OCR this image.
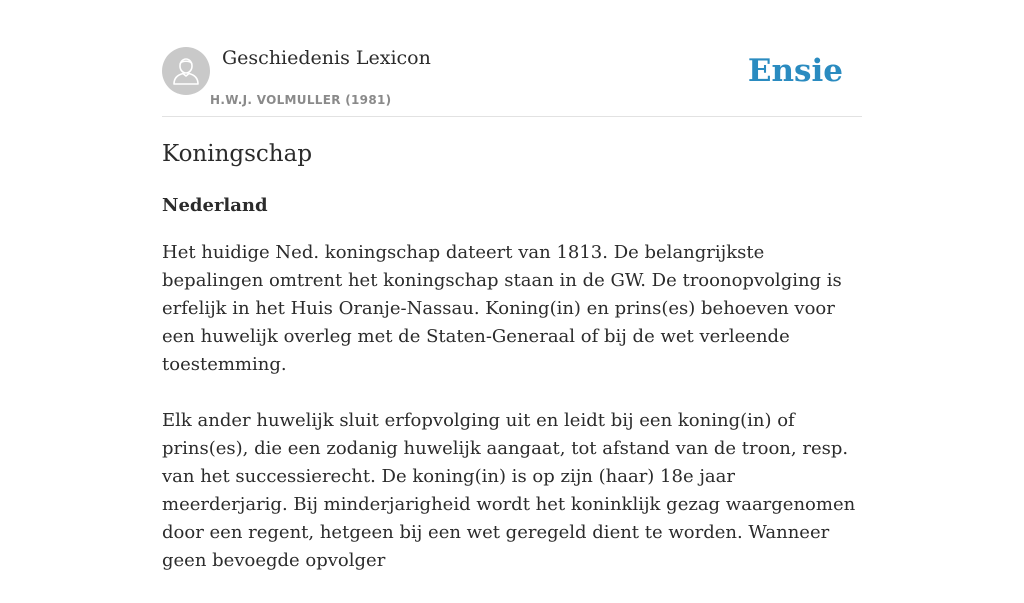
Geschiedenis Lexicon
H.W.J. VOLMULLER (1981)
Ensie
Koningschap
Nederland

Het huidige Ned. koningschap dateert van 1813. De belangrijkste bepalingen omtrent het koningschap staan in de GW. De troonopvolging is erfelijk in het Huis Oranje-Nassau. Koning(in) en prins(es) behoeven voor een huwelijk overleg met de Staten-Generaal of bij de wet verleende toestemming.

Elk ander huwelijk sluit erfopvolging uit en leidt bij een koning(in) of prins(es), die een zodanig huwelijk aangaat, tot afstand van de troon, resp. van het successierecht. De koning(in) is op zijn (haar) 18e jaar meerderjarig. Bij minderjarigheid wordt het koninklijk gezag waargenomen door een regent, hetgeen bij een wet geregeld dient te worden. Wanneer geen bevoegde opvolger
